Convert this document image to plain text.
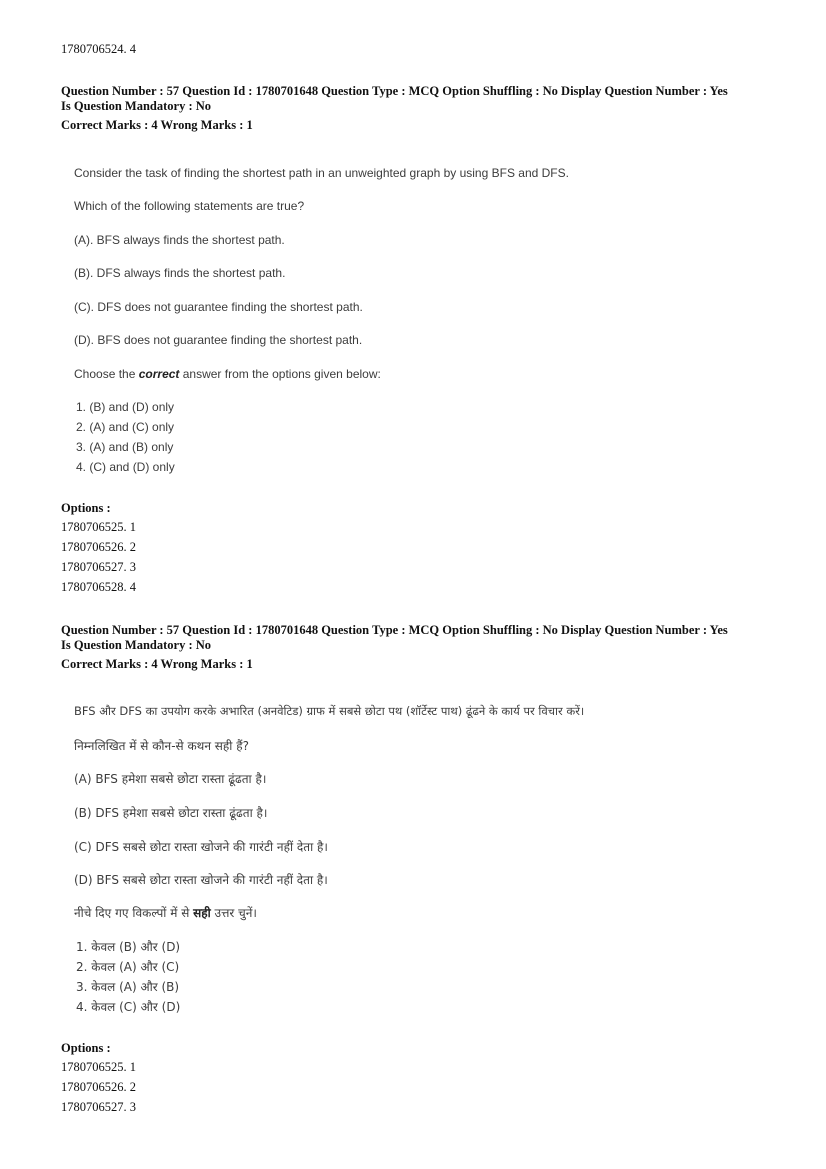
1780706524. 4
Question Number : 57 Question Id : 1780701648 Question Type : MCQ Option Shuffling : No Display Question Number : Yes
Is Question Mandatory : No
Correct Marks : 4 Wrong Marks : 1
Consider the task of finding the shortest path in an unweighted graph by using BFS and DFS.
Which of the following statements are true?
(A). BFS always finds the shortest path.
(B). DFS always finds the shortest path.
(C). DFS does not guarantee finding the shortest path.
(D). BFS does not guarantee finding the shortest path.
Choose the correct answer from the options given below:
1. (B) and (D) only
2. (A) and (C) only
3. (A) and (B) only
4. (C) and (D) only
Options :
1780706525. 1
1780706526. 2
1780706527. 3
1780706528. 4
Question Number : 57 Question Id : 1780701648 Question Type : MCQ Option Shuffling : No Display Question Number : Yes
Is Question Mandatory : No
Correct Marks : 4 Wrong Marks : 1
BFS और DFS का उपयोग करके अभारित (अनवेटिड) ग्राफ में सबसे छोटा पथ (शॉर्टेस्ट पाथ) ढूंढने के कार्य पर विचार करें।
निम्नलिखित में से कौन-से कथन सही हैं?
(A) BFS हमेशा सबसे छोटा रास्ता ढूंढता है।
(B) DFS हमेशा सबसे छोटा रास्ता ढूंढता है।
(C) DFS सबसे छोटा रास्ता खोजने की गारंटी नहीं देता है।
(D) BFS सबसे छोटा रास्ता खोजने की गारंटी नहीं देता है।
नीचे दिए गए विकल्पों में से सही उत्तर चुनें।
1. केवल (B) और (D)
2. केवल (A) और (C)
3. केवल (A) और (B)
4. केवल (C) और (D)
Options :
1780706525. 1
1780706526. 2
1780706527. 3
